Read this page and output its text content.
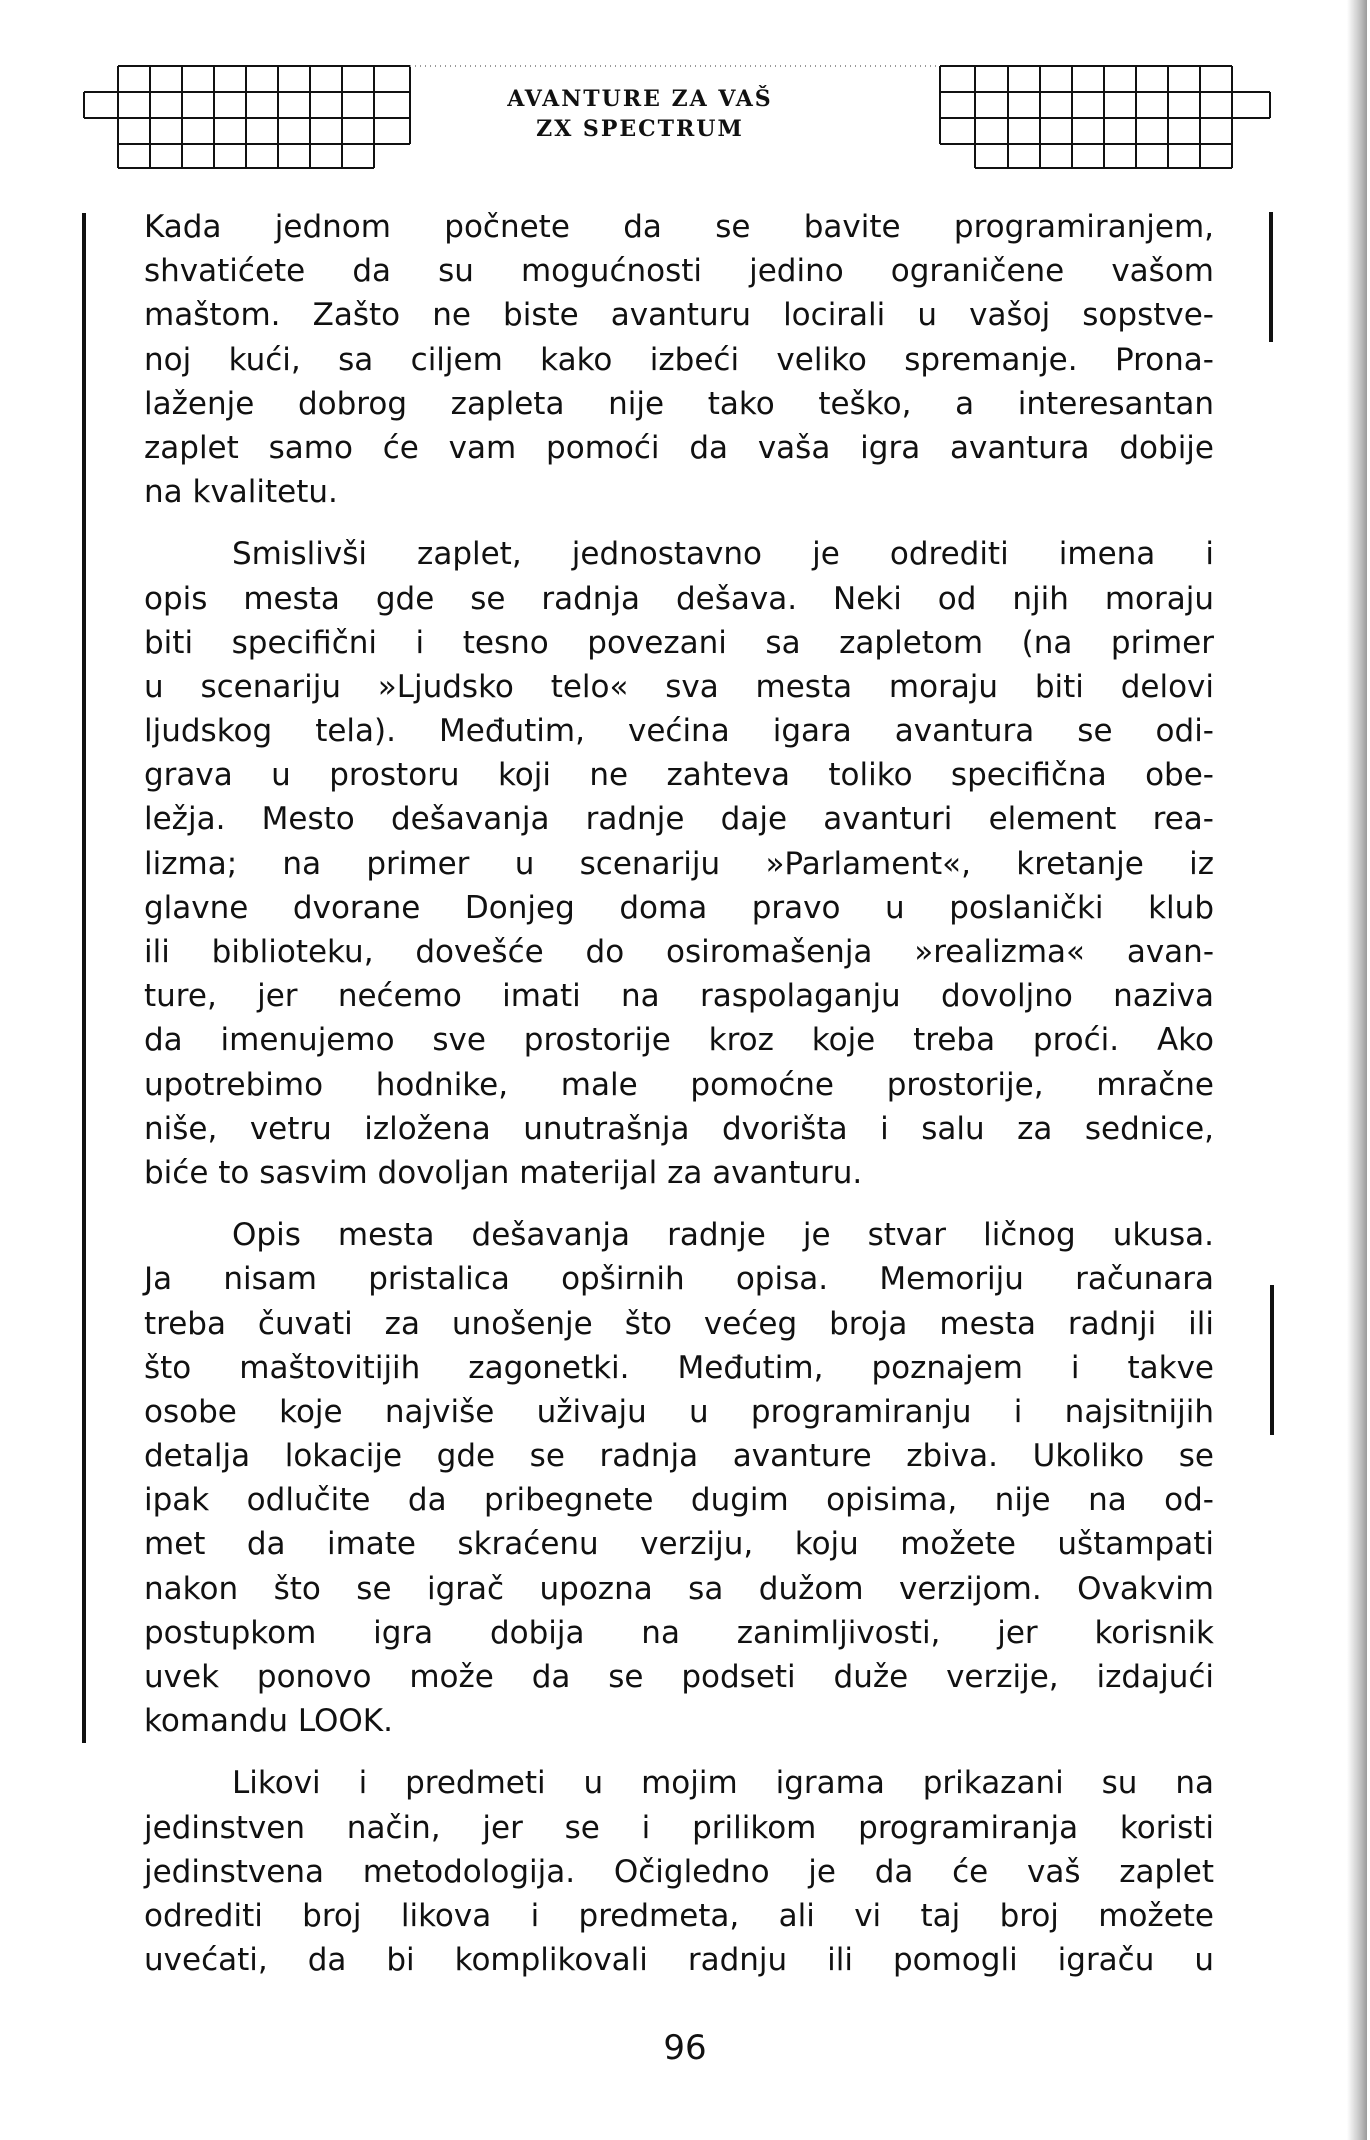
AVANTURE ZA VAŠ
ZX SPECTRUM
Kada jednom počnete da se bavite programiranjem,
shvatićete da su mogućnosti jedino ograničene vašom
maštom. Zašto ne biste avanturu locirali u vašoj sopstve-
noj kući, sa ciljem kako izbeći veliko spremanje. Prona-
laženje dobrog zapleta nije tako teško, a interesantan
zaplet samo će vam pomoći da vaša igra avantura dobije
na kvalitetu.
Smislivši zaplet, jednostavno je odrediti imena i
opis mesta gde se radnja dešava. Neki od njih moraju
biti specifični i tesno povezani sa zapletom (na primer
u scenariju »Ljudsko telo« sva mesta moraju biti delovi
ljudskog tela). Međutim, većina igara avantura se odi-
grava u prostoru koji ne zahteva toliko specifična obe-
ležja. Mesto dešavanja radnje daje avanturi element rea-
lizma; na primer u scenariju »Parlament«, kretanje iz
glavne dvorane Donjeg doma pravo u poslanički klub
ili biblioteku, dovešće do osiromašenja »realizma« avan-
ture, jer nećemo imati na raspolaganju dovoljno naziva
da imenujemo sve prostorije kroz koje treba proći. Ako
upotrebimo hodnike, male pomoćne prostorije, mračne
niše, vetru izložena unutrašnja dvorišta i salu za sednice,
biće to sasvim dovoljan materijal za avanturu.
Opis mesta dešavanja radnje je stvar ličnog ukusa.
Ja nisam pristalica opširnih opisa. Memoriju računara
treba čuvati za unošenje što većeg broja mesta radnji ili
što maštovitijih zagonetki. Međutim, poznajem i takve
osobe koje najviše uživaju u programiranju i najsitnijih
detalja lokacije gde se radnja avanture zbiva. Ukoliko se
ipak odlučite da pribegnete dugim opisima, nije na od-
met da imate skraćenu verziju, koju možete uštampati
nakon što se igrač upozna sa dužom verzijom. Ovakvim
postupkom igra dobija na zanimljivosti, jer korisnik
uvek ponovo može da se podseti duže verzije, izdajući
komandu LOOK.
Likovi i predmeti u mojim igrama prikazani su na
jedinstven način, jer se i prilikom programiranja koristi
jedinstvena metodologija. Očigledno je da će vaš zaplet
odrediti broj likova i predmeta, ali vi taj broj možete
uvećati, da bi komplikovali radnju ili pomogli igraču u
96
